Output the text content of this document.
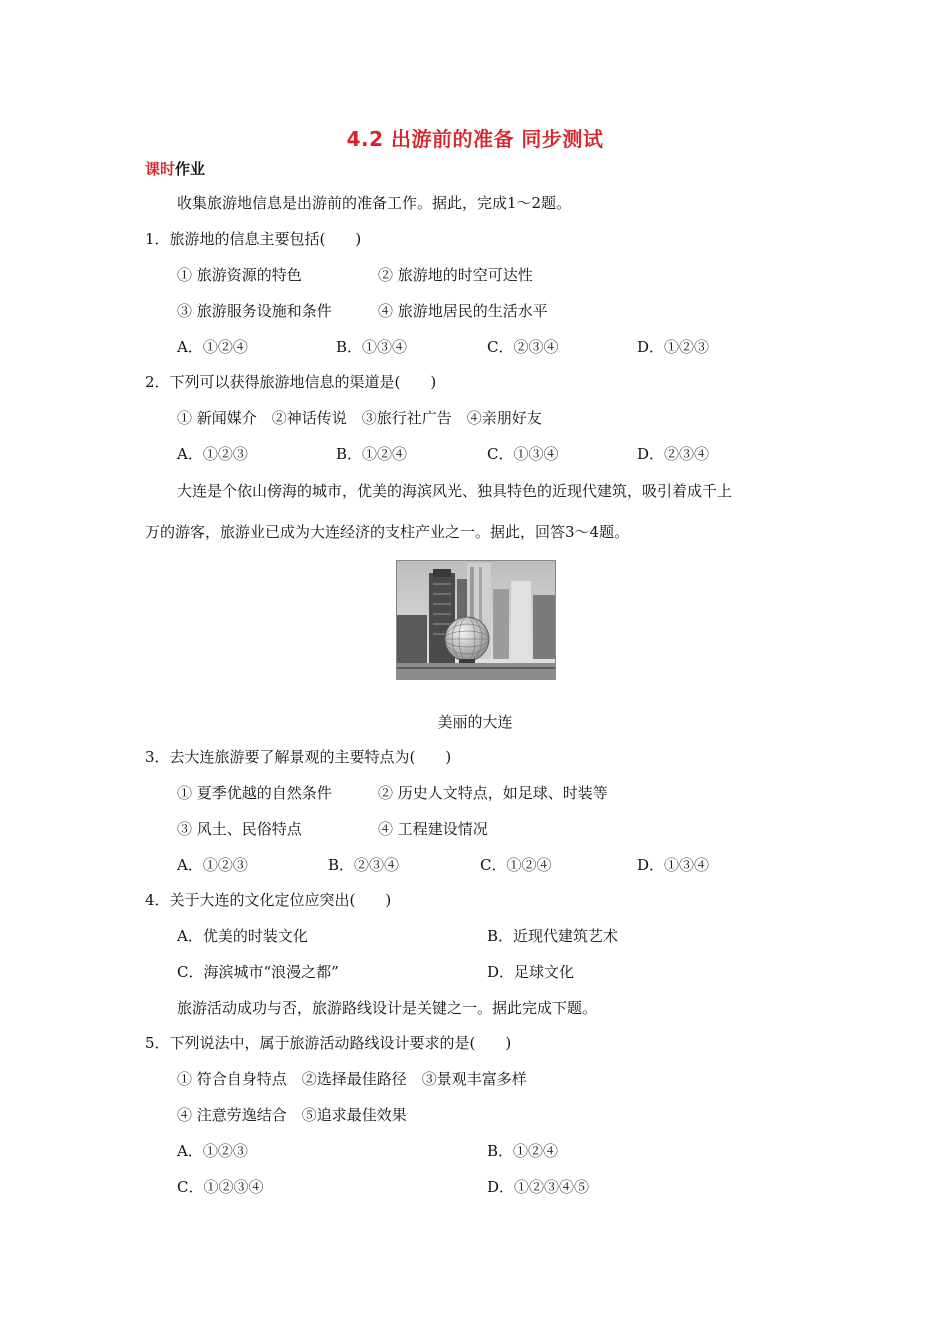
4.2 出游前的准备 同步测试
课时作业
收集旅游地信息是出游前的准备工作。据此，完成1～2题。
1．旅游地的信息主要包括(　　)
① 旅游资源的特色	② 旅游地的时空可达性
③ 旅游服务设施和条件	④ 旅游地居民的生活水平
A．①②④	B．①③④	C．②③④	D．①②③
2．下列可以获得旅游地信息的渠道是(　　)
① 新闻媒介　②神话传说　③旅行社广告　④亲朋好友
A．①②③	B．①②④	C．①③④	D．②③④
大连是个依山傍海的城市，优美的海滨风光、独具特色的近现代建筑，吸引着成千上
万的游客，旅游业已成为大连经济的支柱产业之一。据此，回答3～4题。
美丽的大连
3．去大连旅游要了解景观的主要特点为(　　)
① 夏季优越的自然条件	② 历史人文特点，如足球、时装等
③ 风土、民俗特点	④ 工程建设情况
A．①②③	B．②③④	C．①②④	D．①③④
4．关于大连的文化定位应突出(　　)
A．优美的时装文化	B．近现代建筑艺术
C．海滨城市“浪漫之都”	D．足球文化
旅游活动成功与否，旅游路线设计是关键之一。据此完成下题。
5．下列说法中，属于旅游活动路线设计要求的是(　　)
① 符合自身特点　②选择最佳路径　③景观丰富多样
④ 注意劳逸结合　⑤追求最佳效果
A．①②③	B．①②④
C．①②③④	D．①②③④⑤
